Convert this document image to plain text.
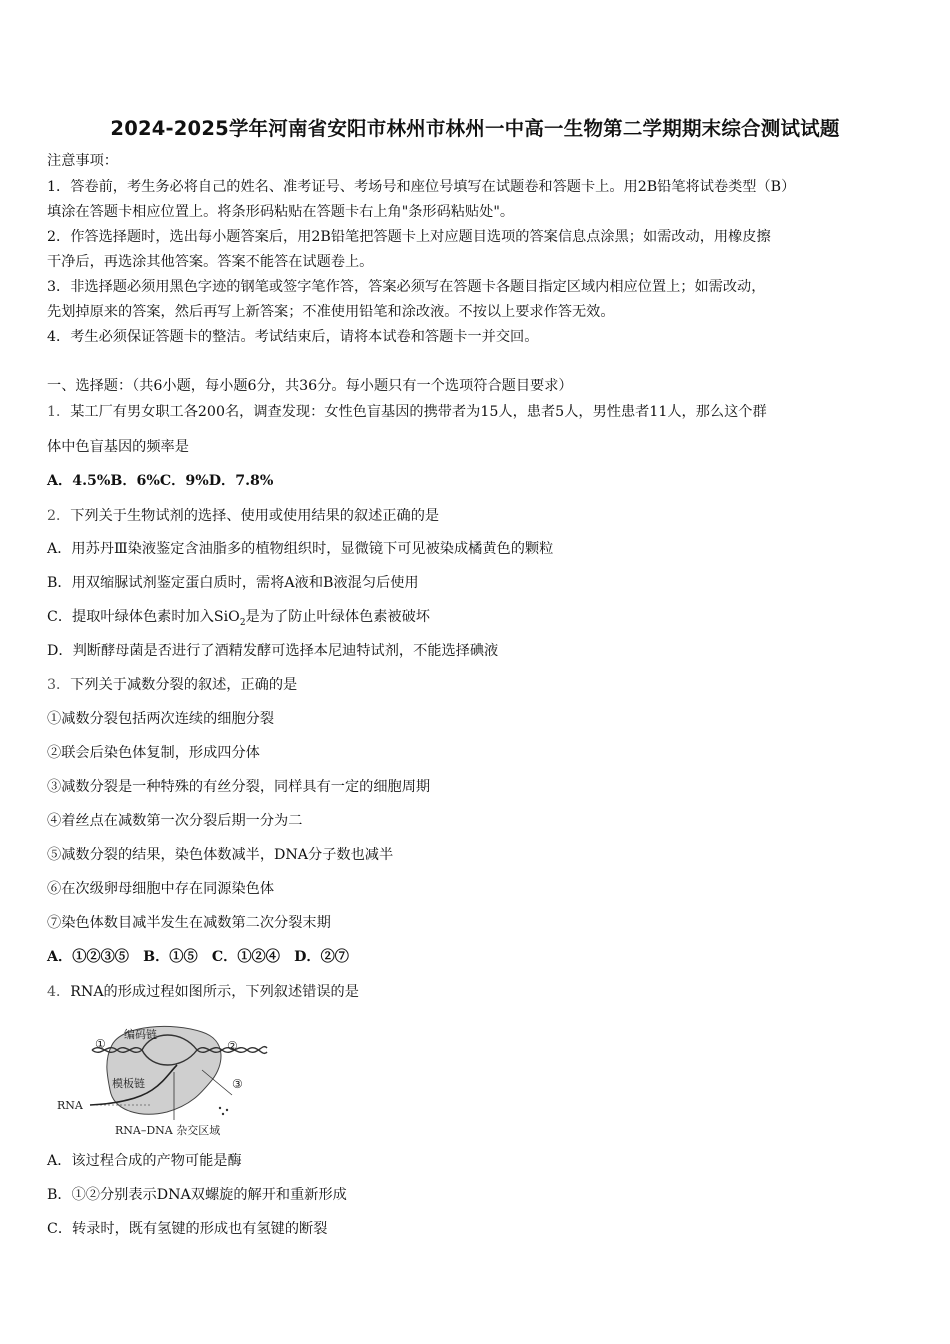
2024-2025学年河南省安阳市林州市林州一中高一生物第二学期期末综合测试试题
注意事项：
1．答卷前，考生务必将自己的姓名、准考证号、考场号和座位号填写在试题卷和答题卡上。用2B铅笔将试卷类型（B）
填涂在答题卡相应位置上。将条形码粘贴在答题卡右上角"条形码粘贴处"。
2．作答选择题时，选出每小题答案后，用2B铅笔把答题卡上对应题目选项的答案信息点涂黑；如需改动，用橡皮擦
干净后，再选涂其他答案。答案不能答在试题卷上。
3．非选择题必须用黑色字迹的钢笔或签字笔作答，答案必须写在答题卡各题目指定区域内相应位置上；如需改动，
先划掉原来的答案，然后再写上新答案；不准使用铅笔和涂改液。不按以上要求作答无效。
4．考生必须保证答题卡的整洁。考试结束后，请将本试卷和答题卡一并交回。
一、选择题：（共6小题，每小题6分，共36分。每小题只有一个选项符合题目要求）
1．某工厂有男女职工各200名，调查发现：女性色盲基因的携带者为15人，患者5人，男性患者11人，那么这个群
体中色盲基因的频率是
A．4.5%B．6%C．9%D．7.8%
2．下列关于生物试剂的选择、使用或使用结果的叙述正确的是
A．用苏丹Ⅲ染液鉴定含油脂多的植物组织时，显微镜下可见被染成橘黄色的颗粒
B．用双缩脲试剂鉴定蛋白质时，需将A液和B液混匀后使用
C．提取叶绿体色素时加入SiO$_2$是为了防止叶绿体色素被破坏
D．判断酵母菌是否进行了酒精发酵可选择本尼迪特试剂，不能选择碘液
3．下列关于减数分裂的叙述，正确的是
①减数分裂包括两次连续的细胞分裂
②联会后染色体复制，形成四分体
③减数分裂是一种特殊的有丝分裂，同样具有一定的细胞周期
④着丝点在减数第一次分裂后期一分为二
⑤减数分裂的结果，染色体数减半，DNA分子数也减半
⑥在次级卵母细胞中存在同源染色体
⑦染色体数目减半发生在减数第二次分裂末期
A．①②③⑤　B．①⑤　C．①②④　D．②⑦
4．RNA的形成过程如图所示，下列叙述错误的是
编码链
模板链
RNA
RNA–DNA 杂交区域
①	②
③
A．该过程合成的产物可能是酶
B．①②分别表示DNA双螺旋的解开和重新形成
C．转录时，既有氢键的形成也有氢键的断裂
